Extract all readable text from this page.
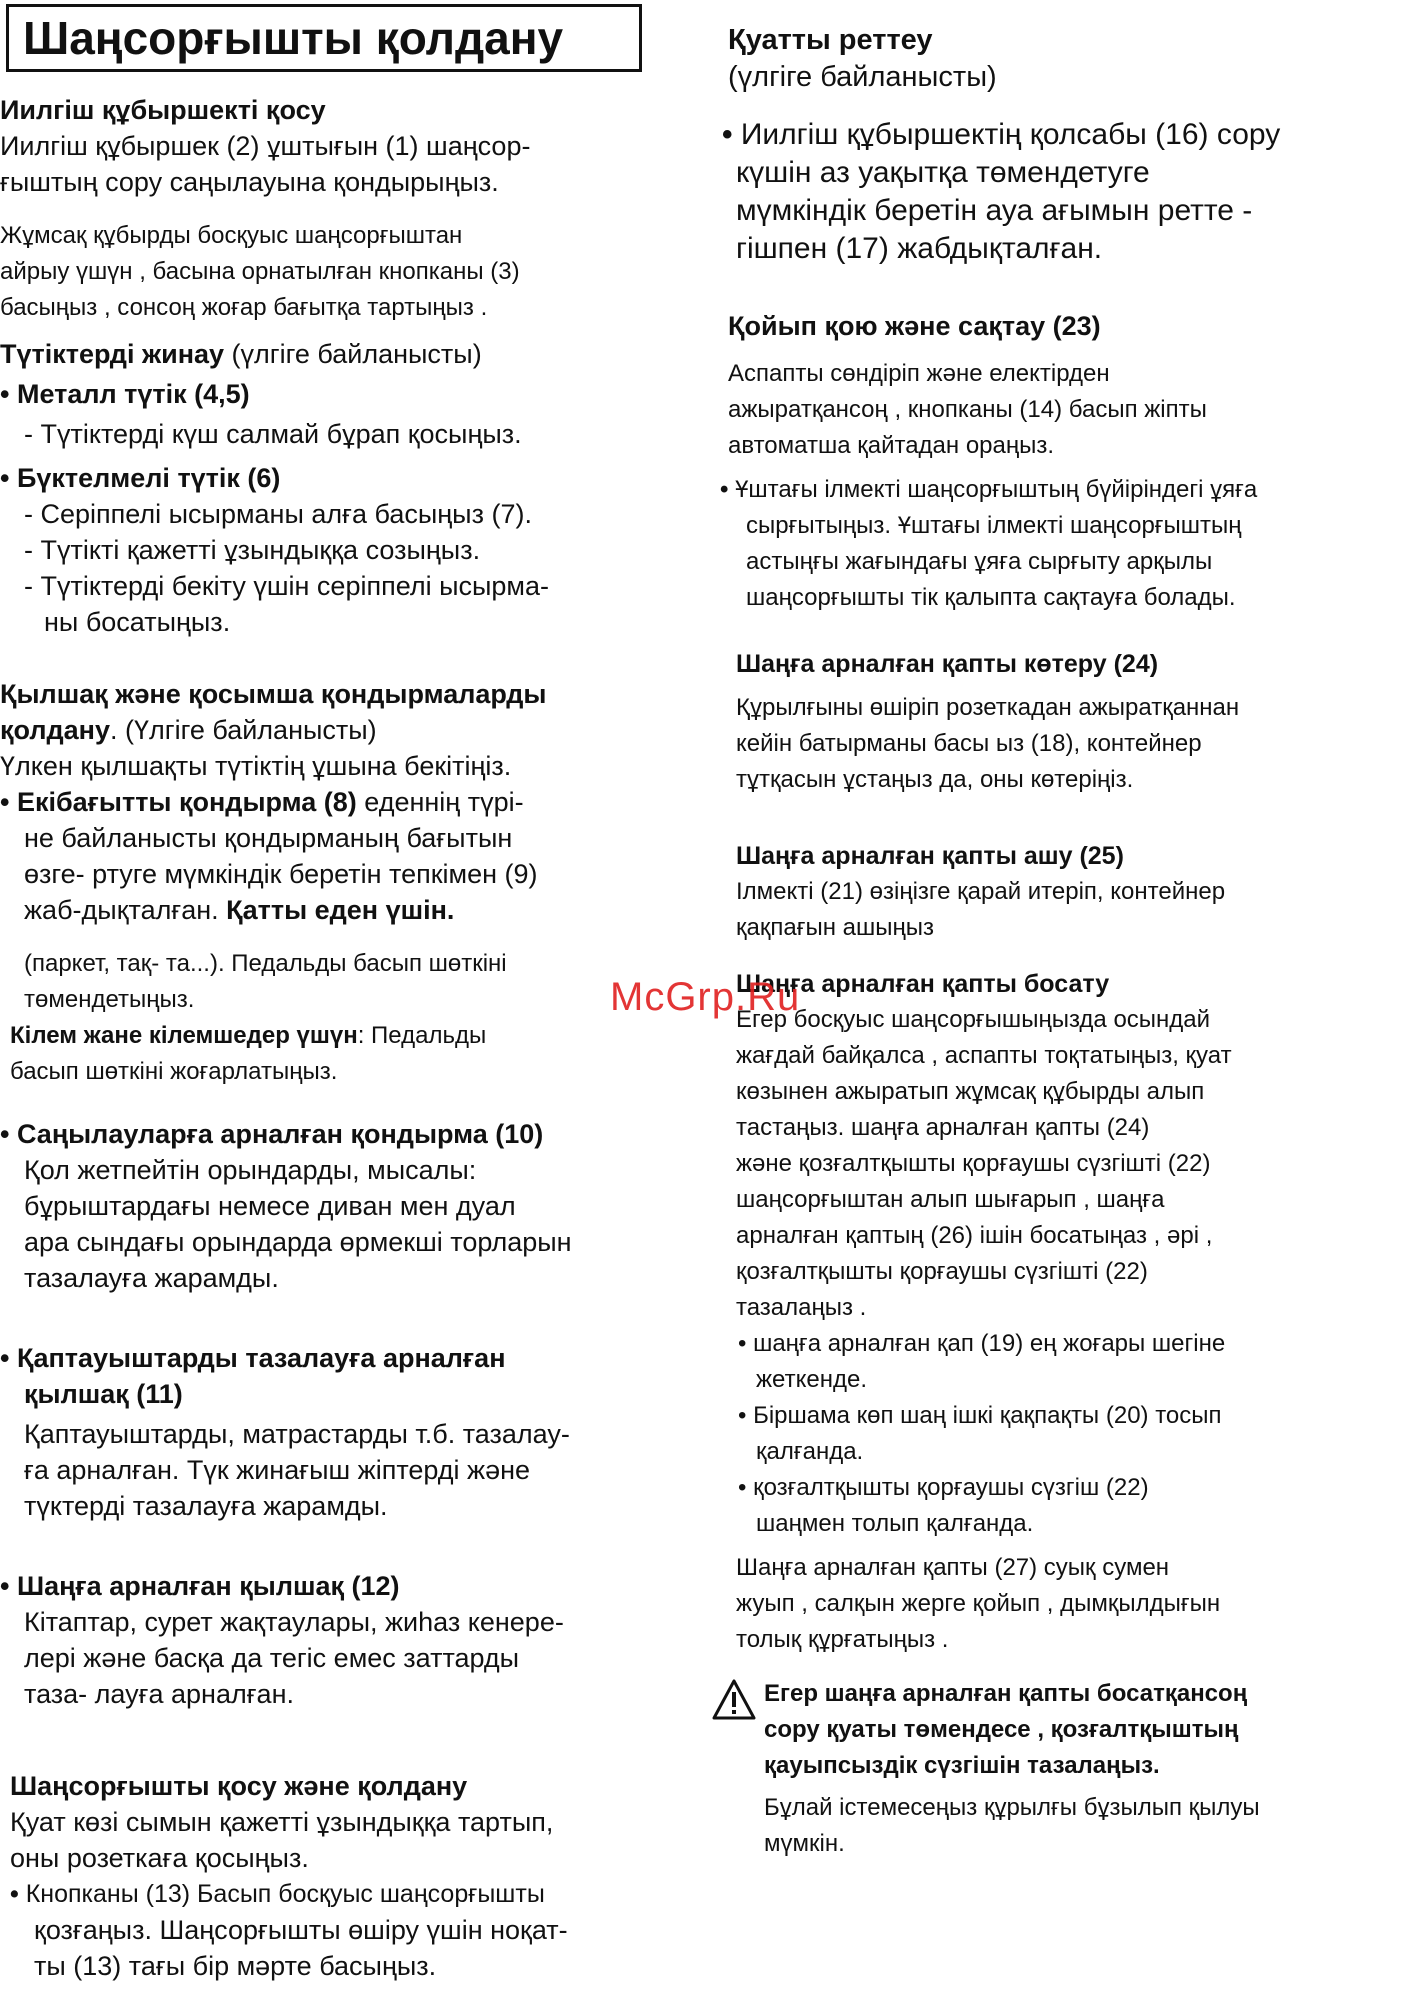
Шаңсорғышты қолдану

Иилгіш құбыршекті қосу

Иилгіш құбыршек (2) ұштығын (1) шаңсор-

ғыштың сору саңылауына қондырыңыз.

Жұмсақ құбырды босқуыс шаңсорғыштан

айрыу үшүн , басына орнатылған кнопканы (3)

басыңыз , сонсоң жоғар бағытқа тартыңыз .

Түтіктерді жинау (үлгіге байланысты)

• Металл түтік (4,5)

- Түтіктерді күш салмай бұрап қосыңыз.

• Бүктелмелі түтік (6)

- Серіппелі ысырманы алға басыңыз (7).

- Түтікті қажетті ұзындыққа созыңыз.

- Түтіктерді бекіту үшін серіппелі ысырма-

ны босатыңыз.

Қылшақ және қосымша қондырмаларды

қолдану. (Үлгіге байланысты)

Үлкен қылшақты түтіктің ұшына бекітіңіз.

• Екібағытты қондырма (8) еденнің түрі-

не байланысты қондырманың бағытын

өзге- ртуге мүмкіндік беретін тепкімен (9)

жаб-дықталған. Қатты еден үшін.

(паркет, тақ- та...). Педальды басып шөткіні

төмендетыңыз.

Кілем жане кілемшедер үшүн: Педальды

басып шөткіні жоғарлатыңыз.

• Саңылауларға арналған қондырма (10)

Қол жетпейтін орындарды, мысалы:

бұрыштардағы немесе диван мен дуал

ара сындағы орындарда өрмекші торларын

тазалауға жарамды.

• Қаптауыштарды тазалауға арналған

қылшақ (11)

Қаптауыштарды, матрастарды т.б. тазалау-

ға арналған. Түк жинағыш жіптерді және

түктерді тазалауға жарамды.

• Шаңға арналған қылшақ (12)

Кітаптар, сурет жақтаулары, жиһаз кенере-

лері және басқа да тегіс емес заттарды

таза- лауға арналған.

Шаңсорғышты қосу және қолдану

Қуат көзі сымын қажетті ұзындыққа тартып,

оны розеткаға қосыңыз.

• Кнопканы (13) Басып босқуыс шаңсорғышты

қозғаңыз. Шаңсорғышты өшіру үшін ноқат-

ты (13) тағы бір мәрте басыңыз.

Қуатты реттеу

(үлгіге байланысты)

• Иилгіш құбыршектің қолсабы (16) сору

күшін аз уақытқа төмендетуге

мүмкіндік беретін ауа ағымын ретте -

гішпен (17) жабдықталған.

Қойып қою және сақтау (23)

Аспапты сөндіріп және електірден

ажыратқансоң , кнопканы (14) басып жіпты

автоматша қайтадан ораңыз.

• Ұштағы ілмекті шаңсорғыштың бүйіріндегі ұяға

сырғытыңыз. Ұштағы ілмекті шаңсорғыштың

астыңғы жағындағы ұяға сырғыту арқылы

шаңсорғышты тік қалыпта сақтауға болады.

Шаңға арналған қапты көтеру (24)

Құрылғыны өшіріп розеткадан ажыратқаннан

кейін батырманы басы ыз (18), контейнер

тұтқасын ұстаңыз да, оны көтеріңіз.

Шаңға арналған қапты ашу (25)

Ілмекті (21) өзіңізге қарай итеріп, контейнер

қақпағын ашыңыз

Шаңға арналған қапты босату

Егер босқуыс шаңсорғышыңызда осындай

жағдай байқалса , аспапты тоқтатыңыз, қуат

көзынен ажыратып жұмсақ құбырды алып

тастаңыз. шаңға арналған қапты (24)

және қозғалтқышты қорғаушы сүзгішті (22)

шаңсорғыштан алып шығарып , шаңға

арналған қаптың (26) ішін босатыңаз , әрі ,

қозғалтқышты қорғаушы сүзгішті (22)

тазалаңыз .

• шаңға арналған қап (19) ең жоғары шегіне

жеткенде.

• Біршама көп шаң ішкі қақпақты (20) тосып

қалғанда.

• қозғалтқышты қорғаушы сүзгіш (22)

шаңмен толып қалғанда.

Шаңға арналған қапты (27) суық сумен

жуып , салқын жерге қойып , дымқылдығын

толық құрғатыңыз .

Егер шаңға арналған қапты босатқансоң

сору қуаты төмендесе , қозғалтқыштың

қауыпсыздік сүзгішін тазалаңыз.

Бұлай істемесеңыз құрылғы бұзылып қылуы

мүмкін.

McGrp.Ru
